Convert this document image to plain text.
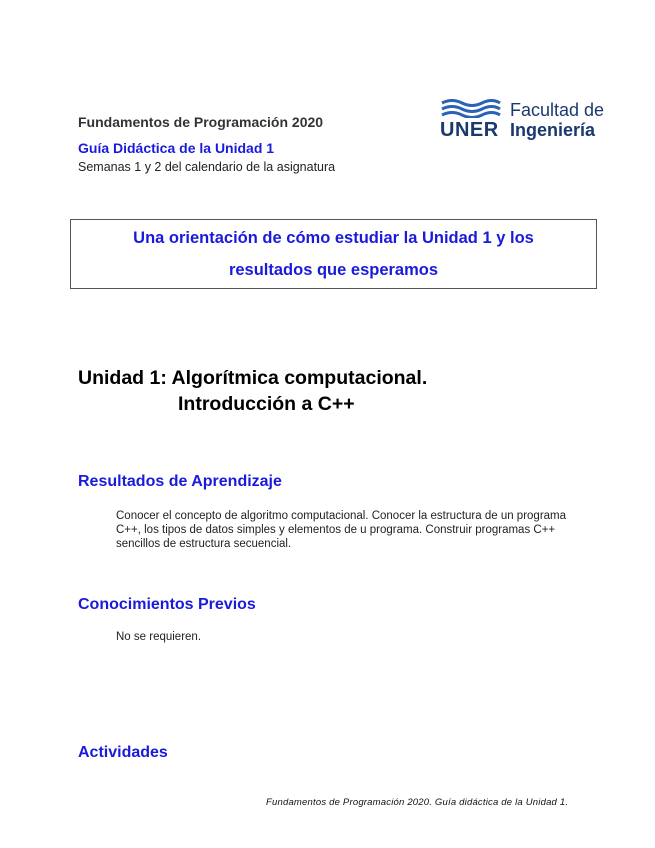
Fundamentos de Programación 2020
Guía Didáctica de la Unidad 1
Semanas 1 y 2 del calendario de la asignatura
UNER
Facultad de
Ingeniería
Una orientación de cómo estudiar la Unidad 1 y los
resultados que esperamos
Unidad 1: Algorítmica computacional.
Introducción a C++
Resultados de Aprendizaje
Conocer el concepto de algoritmo computacional. Conocer la estructura de un programa C++, los tipos de datos simples y elementos de u programa. Construir programas C++ sencillos de estructura secuencial.
Conocimientos Previos
No se requieren.
Actividades
Fundamentos de Programación 2020. Guía didáctica de la Unidad 1.
